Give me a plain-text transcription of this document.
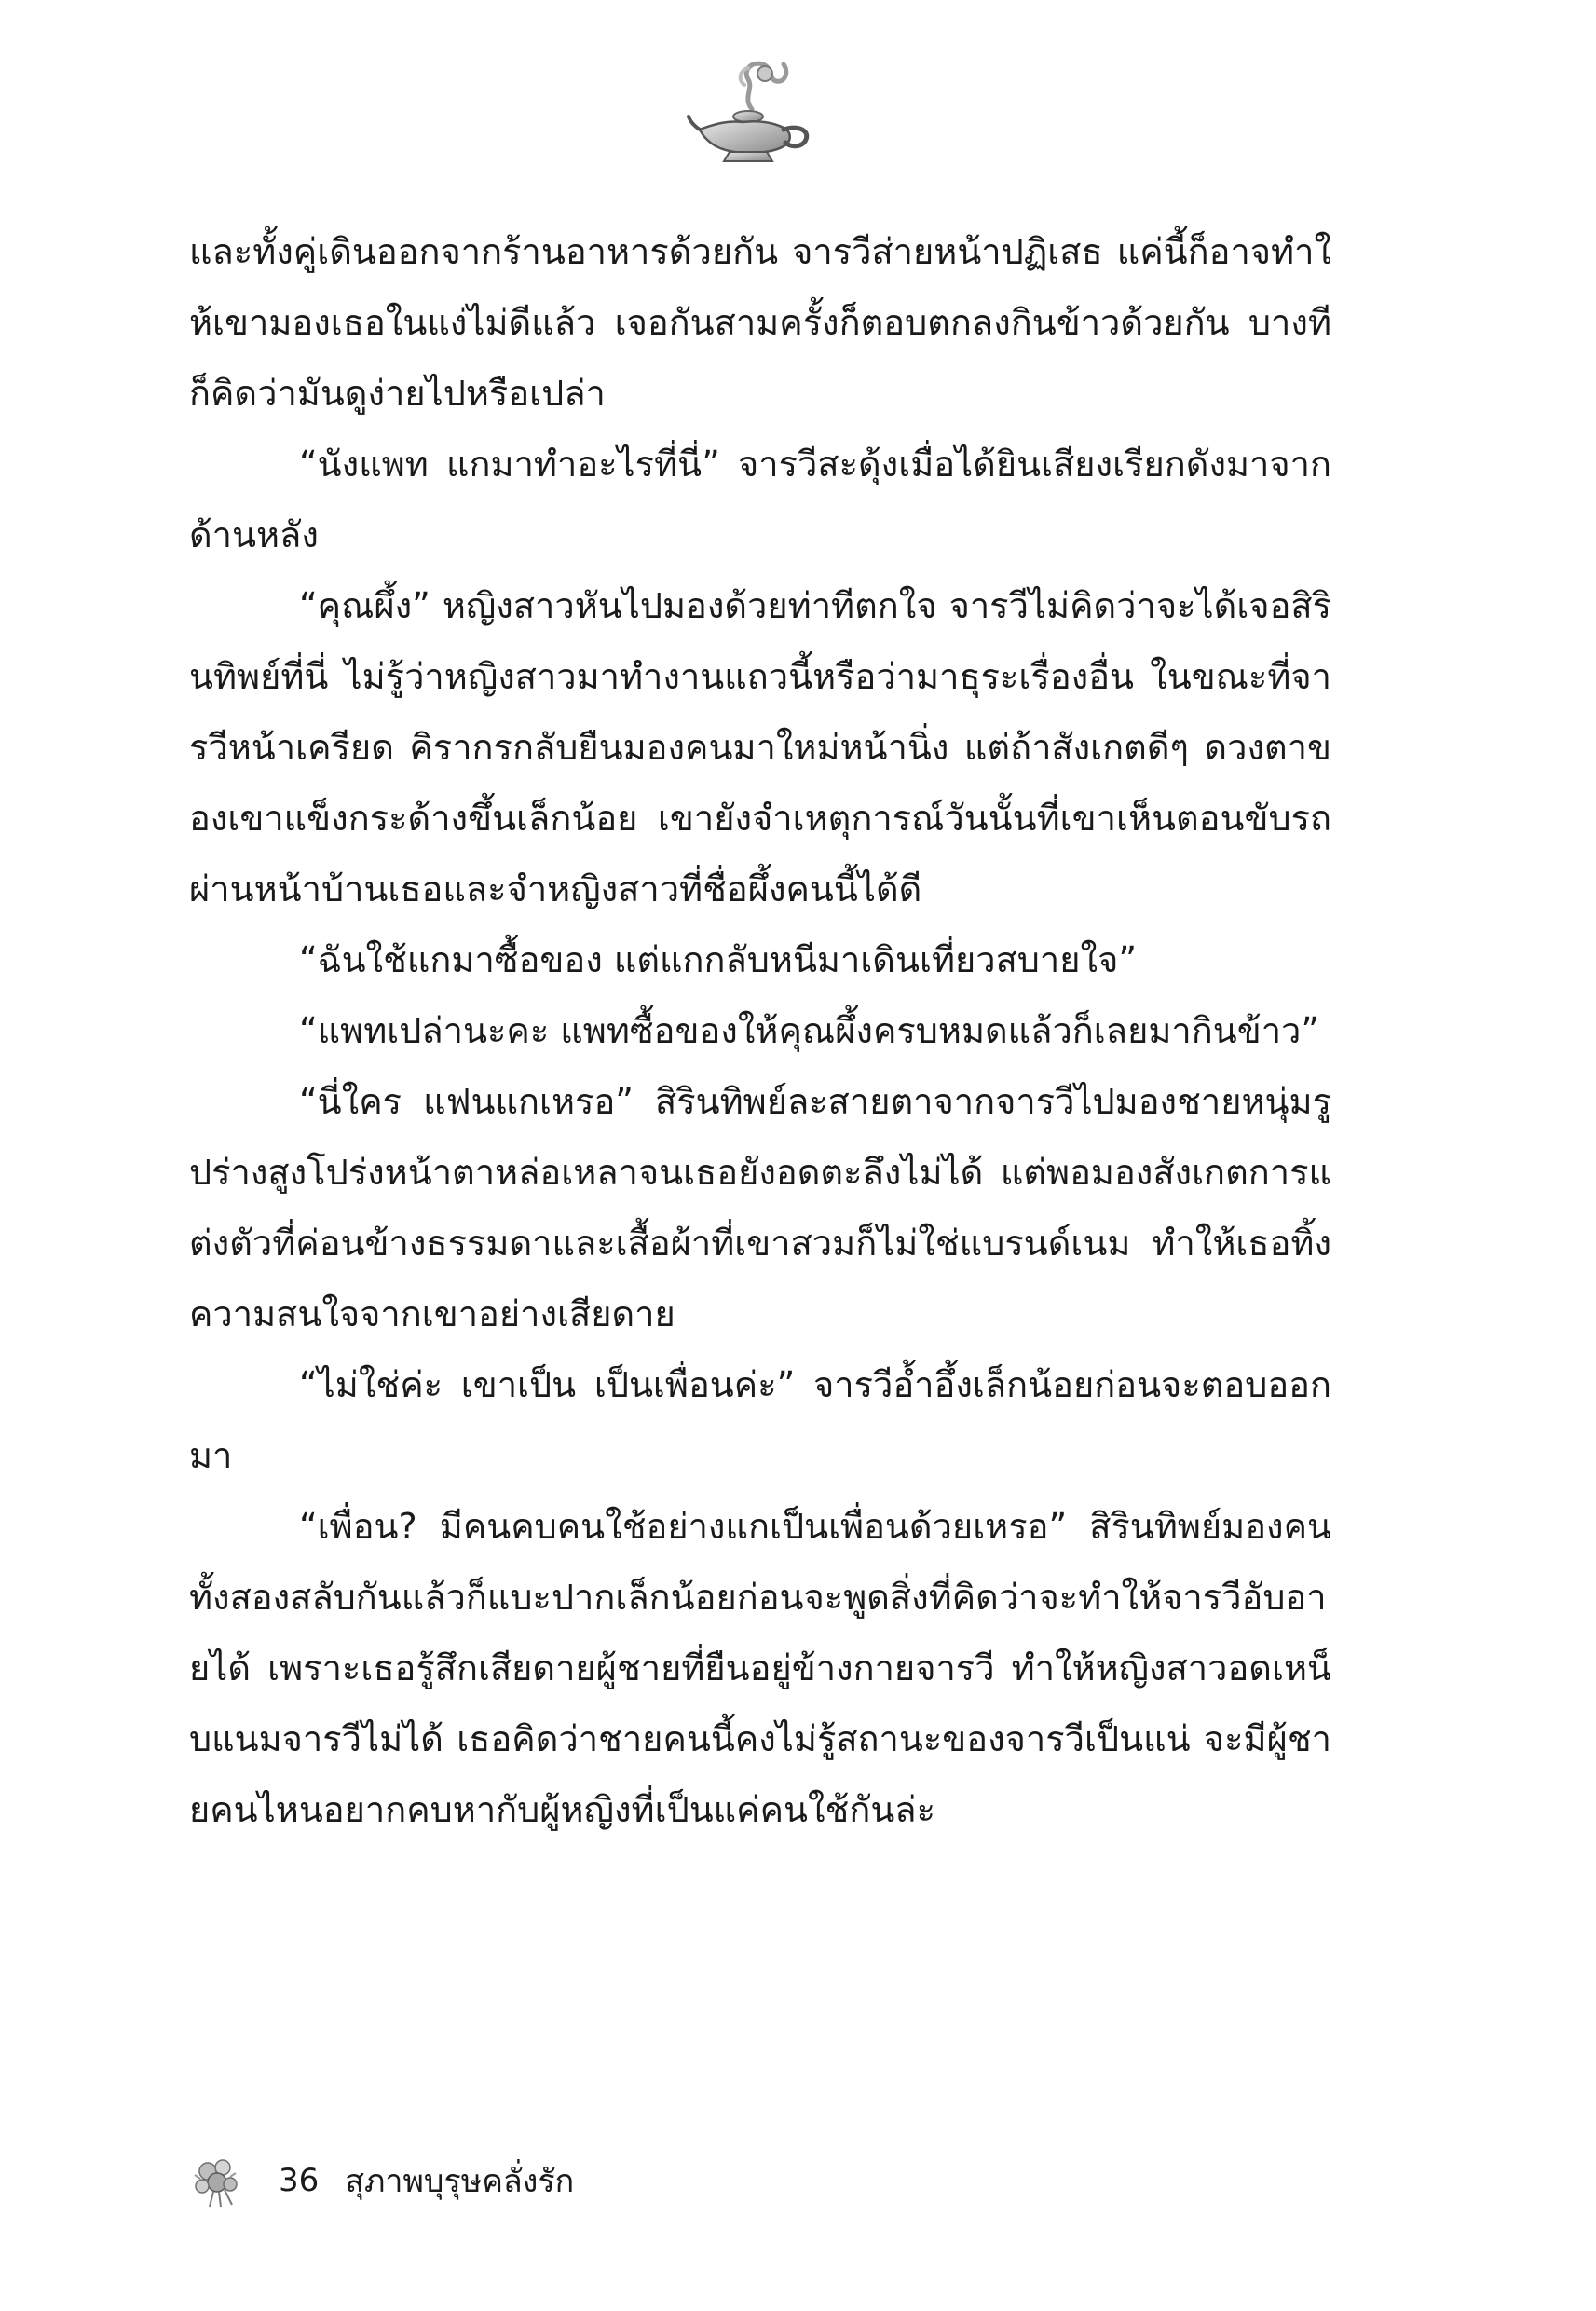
และทั้งคู่เดินออกจากร้านอาหารด้วยกัน จารวีส่ายหน้าปฏิเสธ แค่นี้ก็อาจทำให้เขามองเธอในแง่ไม่ดีแล้ว เจอกันสามครั้งก็ตอบตกลงกินข้าวด้วยกัน บางทีก็คิดว่ามันดูง่ายไปหรือเปล่า

“นังแพท แกมาทำอะไรที่นี่” จารวีสะดุ้งเมื่อได้ยินเสียงเรียกดังมาจากด้านหลัง

“คุณผึ้ง” หญิงสาวหันไปมองด้วยท่าทีตกใจ จารวีไม่คิดว่าจะได้เจอสิรินทิพย์ที่นี่ ไม่รู้ว่าหญิงสาวมาทำงานแถวนี้หรือว่ามาธุระเรื่องอื่น ในขณะที่จารวีหน้าเครียด คิรากรกลับยืนมองคนมาใหม่หน้านิ่ง แต่ถ้าสังเกตดีๆ ดวงตาของเขาแข็งกระด้างขึ้นเล็กน้อย เขายังจำเหตุการณ์วันนั้นที่เขาเห็นตอนขับรถผ่านหน้าบ้านเธอและจำหญิงสาวที่ชื่อผึ้งคนนี้ได้ดี

“ฉันใช้แกมาซื้อของ แต่แกกลับหนีมาเดินเที่ยวสบายใจ”

“แพทเปล่านะคะ แพทซื้อของให้คุณผึ้งครบหมดแล้วก็เลยมากินข้าว”

“นี่ใคร แฟนแกเหรอ” สิรินทิพย์ละสายตาจากจารวีไปมองชายหนุ่มรูปร่างสูงโปร่งหน้าตาหล่อเหลาจนเธอยังอดตะลึงไม่ได้ แต่พอมองสังเกตการแต่งตัวที่ค่อนข้างธรรมดาและเสื้อผ้าที่เขาสวมก็ไม่ใช่แบรนด์เนม ทำให้เธอทิ้งความสนใจจากเขาอย่างเสียดาย

“ไม่ใช่ค่ะ เขาเป็น เป็นเพื่อนค่ะ” จารวีอ้ำอึ้งเล็กน้อยก่อนจะตอบออกมา

“เพื่อน? มีคนคบคนใช้อย่างแกเป็นเพื่อนด้วยเหรอ” สิรินทิพย์มองคนทั้งสองสลับกันแล้วก็แบะปากเล็กน้อยก่อนจะพูดสิ่งที่คิดว่าจะทำให้จารวีอับอายได้ เพราะเธอรู้สึกเสียดายผู้ชายที่ยืนอยู่ข้างกายจารวี ทำให้หญิงสาวอดเหน็บแนมจารวีไม่ได้ เธอคิดว่าชายคนนี้คงไม่รู้สถานะของจารวีเป็นแน่ จะมีผู้ชายคนไหนอยากคบหากับผู้หญิงที่เป็นแค่คนใช้กันล่ะ

36 สุภาพบุรุษคลั่งรัก
